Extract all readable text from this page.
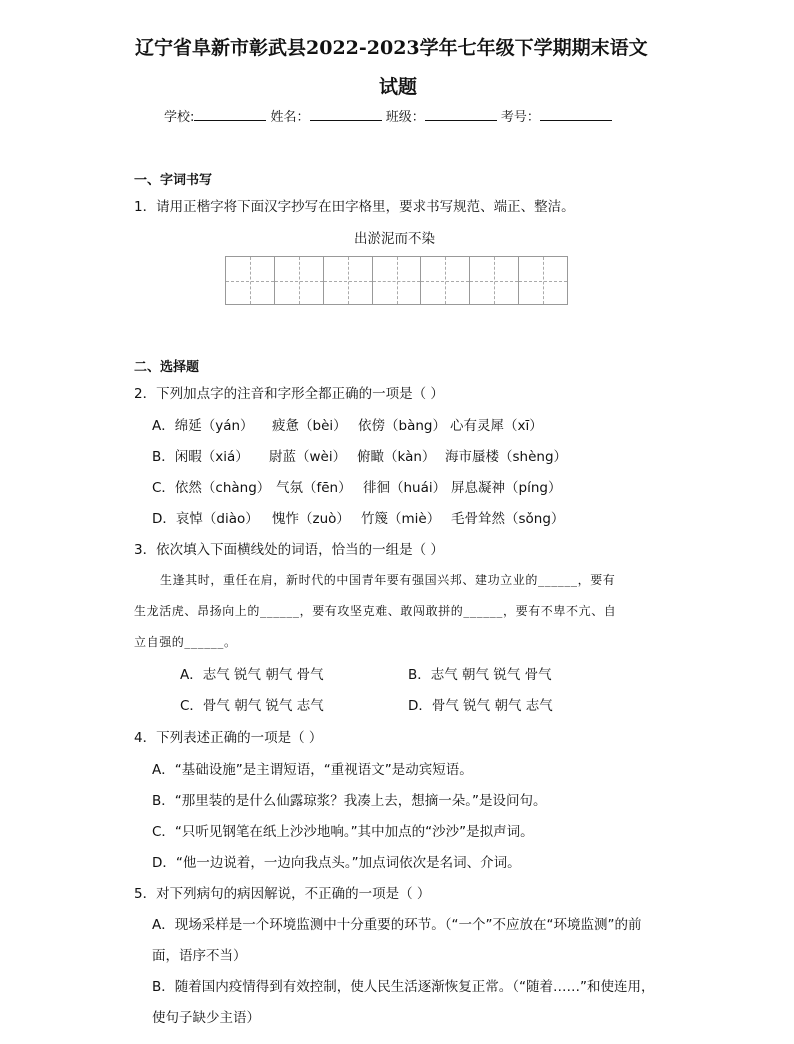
辽宁省阜新市彰武县2022-2023学年七年级下学期期末语文
试题
学校:	姓名：	班级：	考号：
一、字词书写
1．请用正楷字将下面汉字抄写在田字格里，要求书写规范、端正、整洁。
出淤泥而不染
二、选择题
2．下列加点字的注音和字形全都正确的一项是（ ）
A．绵延（yán） 疲惫（bèi） 依傍（bàng） 心有灵犀（xī）
B．闲暇（xiá） 尉蓝（wèi） 俯瞰（kàn） 海市蜃楼（shèng）
C．依然（chàng） 气氛（fēn） 徘徊（huái） 屏息凝神（píng）
D．哀悼（diào） 愧怍（zuò） 竹篾（miè） 毛骨耸然（sǒng）
3．依次填入下面横线处的词语，恰当的一组是（ ）
生逢其时，重任在肩，新时代的中国青年要有强国兴邦、建功立业的______，要有
生龙活虎、昂扬向上的______，要有攻坚克难、敢闯敢拼的______，要有不卑不亢、自
立自强的______。
A．志气 锐气 朝气 骨气	B．志气 朝气 锐气 骨气
C．骨气 朝气 锐气 志气	D．骨气 锐气 朝气 志气
4．下列表述正确的一项是（ ）
A．“基础设施”是主谓短语，“重视语文”是动宾短语。
B．“那里装的是什么仙露琼浆？我凑上去，想摘一朵。”是设问句。
C．“只听见钢笔在纸上沙沙地响。”其中加点的“沙沙”是拟声词。
D．“他一边说着，一边向我点头。”加点词依次是名词、介词。
5．对下列病句的病因解说，不正确的一项是（ ）
A．现场采样是一个环境监测中十分重要的环节。（“一个”不应放在“环境监测”的前
面，语序不当）
B．随着国内疫情得到有效控制，使人民生活逐渐恢复正常。（“随着……”和使连用，
使句子缺少主语）
